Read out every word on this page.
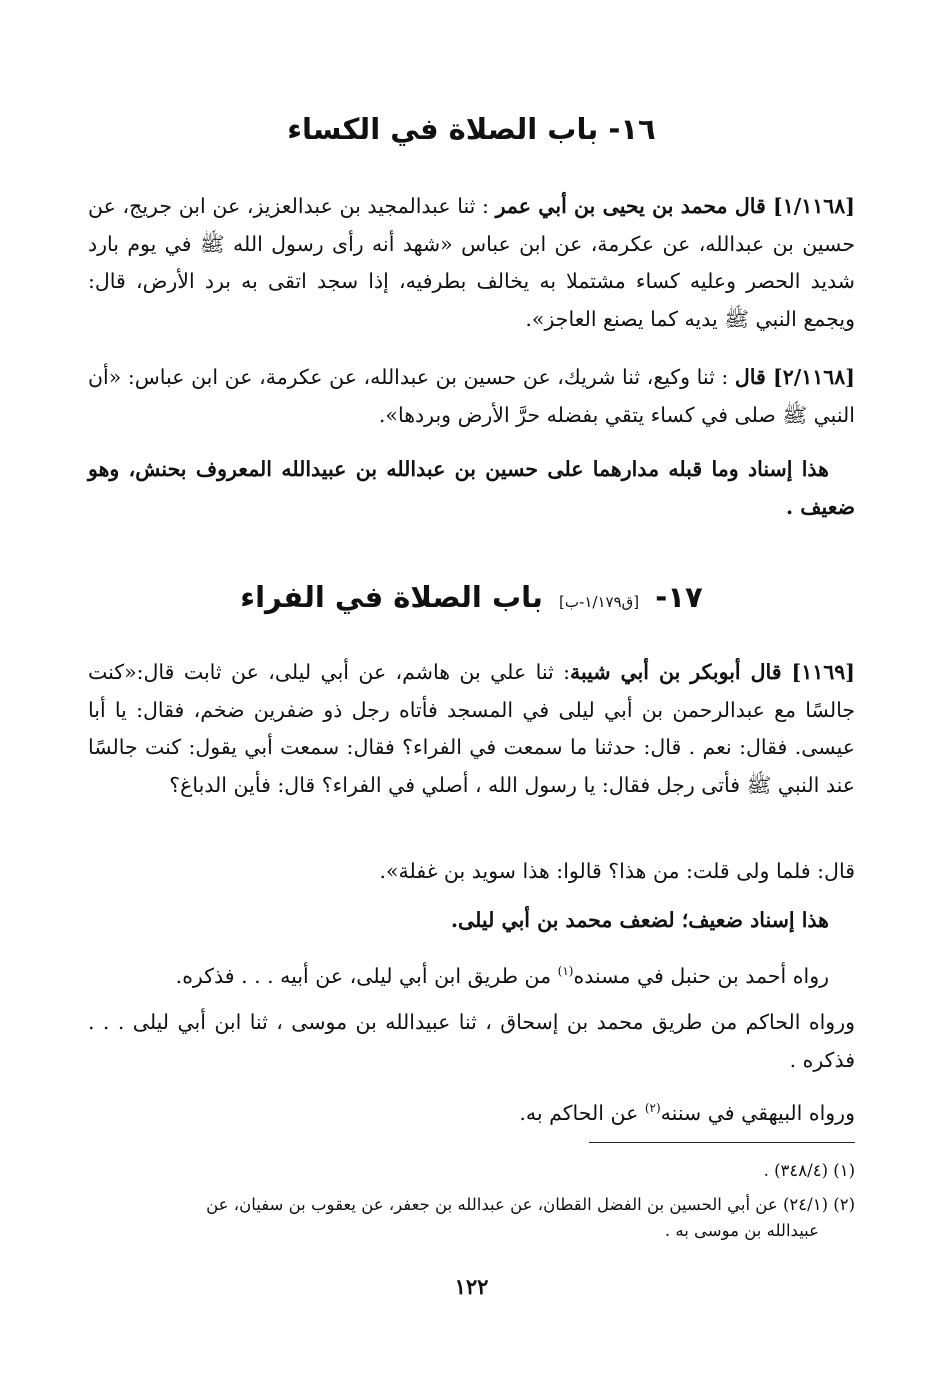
١٦- باب الصلاة في الكساء
[١/١١٦٨] قال محمد بن يحيى بن أبي عمر : ثنا عبدالمجيد بن عبدالعزيز، عن ابن جريج، عن حسين بن عبدالله، عن عكرمة، عن ابن عباس «شهد أنه رأى رسول الله ﷺ في يوم بارد شديد الحصر وعليه كساء مشتملا به يخالف بطرفيه، إذا سجد اتقى به برد الأرض، قال: ويجمع النبي ﷺ يديه كما يصنع العاجز».
[٢/١١٦٨] قال : ثنا وكيع، ثنا شريك، عن حسين بن عبدالله، عن عكرمة، عن ابن عباس: «أن النبي ﷺ صلى في كساء يتقي بفضله حرَّ الأرض وبردها».
هذا إسناد وما قبله مدارهما على حسين بن عبدالله بن عبيدالله المعروف بحنش، وهو ضعيف .
١٧- [ق١/١٧٩-ب] باب الصلاة في الفراء
[١١٦٩] قال أبوبكر بن أبي شيبة: ثنا علي بن هاشم، عن أبي ليلى، عن ثابت قال:«كنت جالسًا مع عبدالرحمن بن أبي ليلى في المسجد فأتاه رجل ذو ضفرين ضخم، فقال: يا أبا عيسى. فقال: نعم . قال: حدثنا ما سمعت في الفراء؟ فقال: سمعت أبي يقول: كنت جالسًا عند النبي ﷺ فأتى رجل فقال: يا رسول الله ، أصلي في الفراء؟ قال: فأين الدباغ؟
قال: فلما ولى قلت: من هذا؟ قالوا: هذا سويد بن غفلة».
هذا إسناد ضعيف؛ لضعف محمد بن أبي ليلى.
رواه أحمد بن حنبل في مسنده$^{(١)}$ من طريق ابن أبي ليلى، عن أبيه . . . فذكره.
ورواه الحاكم من طريق محمد بن إسحاق ، ثنا عبيدالله بن موسى ، ثنا ابن أبي ليلى . . . فذكره .
ورواه البيهقي في سننه$^{(٢)}$ عن الحاكم به.
(١) (٣٤٨/٤) .
(٢) (٢٤/١) عن أبي الحسين بن الفضل القطان، عن عبدالله بن جعفر، عن يعقوب بن سفيان، عن
عبيدالله بن موسى به .
١٢٢
